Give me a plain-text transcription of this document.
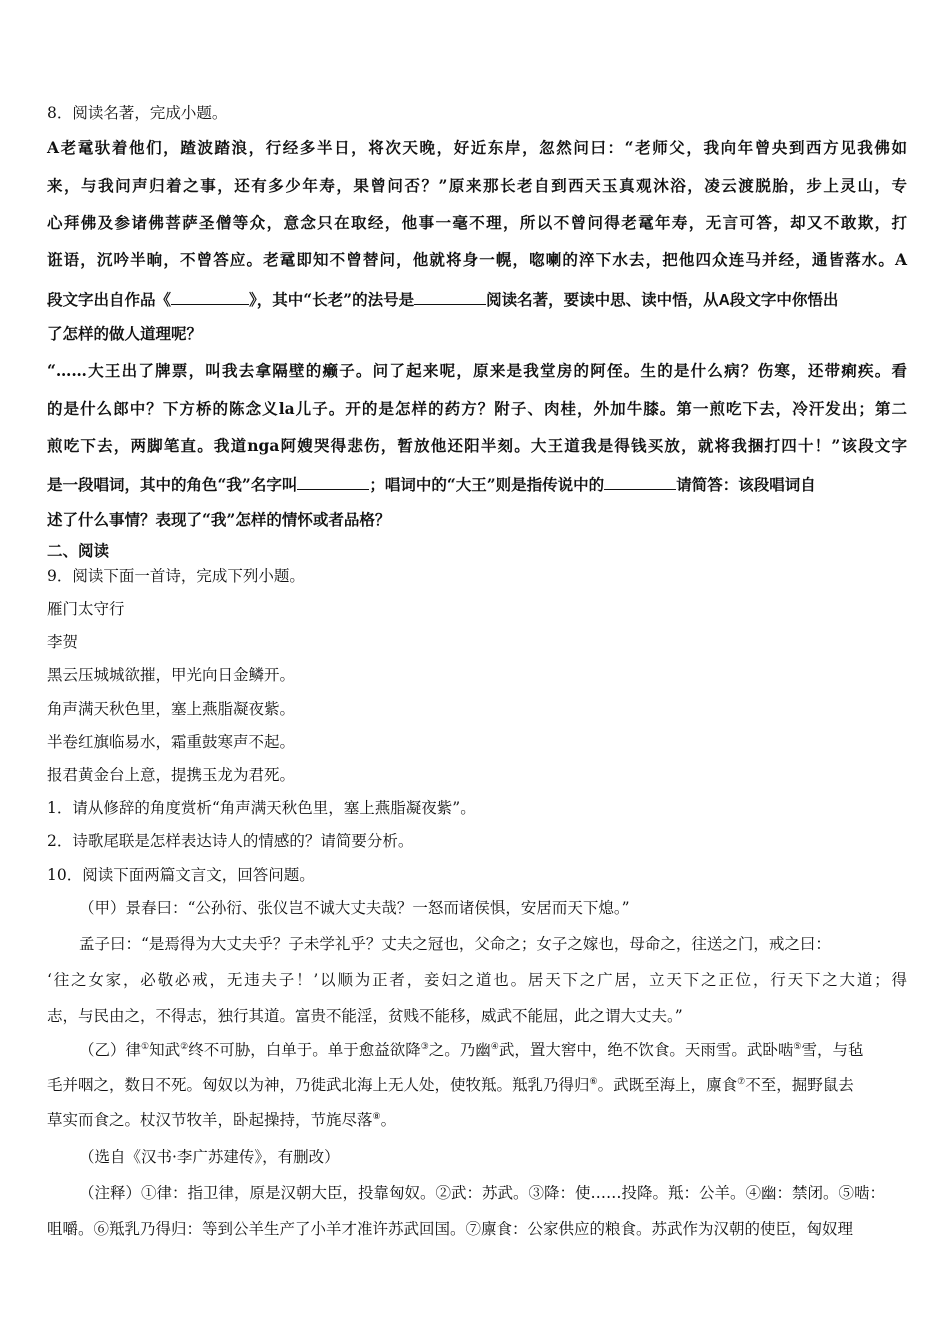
8．阅读名著，完成小题。
A老鼋驮着他们，蹅波踏浪，行经多半日，将次天晚，好近东岸，忽然问曰：“老师父，我向年曾央到西方见我佛如
来，与我问声归着之事，还有多少年寿，果曾问否？”原来那长老自到西天玉真观沐浴，凌云渡脱胎，步上灵山，专
心拜佛及参诸佛菩萨圣僧等众，意念只在取经，他事一毫不理，所以不曾问得老鼋年寿，无言可答，却又不敢欺，打
诳语，沉吟半晌，不曾答应。老鼋即知不曾替问，他就将身一幌，唿喇的淬下水去，把他四众连马并经，通皆落水。A
段文字出自作品《	》，其中“长老”的法号是	阅读名著，要读中思、读中悟，从A段文字中你悟出
了怎样的做人道理呢？
“……大王出了牌票，叫我去拿隔壁的癞子。问了起来呢，原来是我堂房的阿侄。生的是什么病？伤寒，还带痢疾。看
的是什么郎中？下方桥的陈念义la儿子。开的是怎样的药方？附子、肉桂，外加牛膝。第一煎吃下去，冷汗发出；第二
煎吃下去，两脚笔直。我道nga阿嫂哭得悲伤，暂放他还阳半刻。大王道我是得钱买放，就将我捆打四十！”该段文字
是一段唱词，其中的角色“我”名字叫	；唱词中的“大王”则是指传说中的	请简答：该段唱词自
述了什么事情？表现了“我”怎样的情怀或者品格？
二、阅读
9．阅读下面一首诗，完成下列小题。
雁门太守行
李贺
黑云压城城欲摧，甲光向日金鳞开。
角声满天秋色里，塞上燕脂凝夜紫。
半卷红旗临易水，霜重鼓寒声不起。
报君黄金台上意，提携玉龙为君死。
1．请从修辞的角度赏析“角声满天秋色里，塞上燕脂凝夜紫”。
2．诗歌尾联是怎样表达诗人的情感的？请简要分析。
10．阅读下面两篇文言文，回答问题。
（甲）景春曰：“公孙衍、张仪岂不诚大丈夫哉？一怒而诸侯惧，安居而天下熄。”
孟子曰：“是焉得为大丈夫乎？子未学礼乎？丈夫之冠也，父命之；女子之嫁也，母命之，往送之门，戒之曰：
‘往之女家，必敬必戒，无违夫子！’以顺为正者，妾妇之道也。居天下之广居，立天下之正位，行天下之大道；得
志，与民由之，不得志，独行其道。富贵不能淫，贫贱不能移，威武不能屈，此之谓大丈夫。”
（乙）律①知武②终不可胁，白单于。单于愈益欲降③之。乃幽④武，置大窖中，绝不饮食。天雨雪。武卧啮⑤雪，与毡
毛并咽之，数日不死。匈奴以为神，乃徙武北海上无人处，使牧羝。羝乳乃得归⑥。武既至海上，廪食⑦不至，掘野鼠去
草实而食之。杖汉节牧羊，卧起操持，节旄尽落⑧。
（选自《汉书·李广苏建传》，有删改）
（注释）①律：指卫律，原是汉朝大臣，投靠匈奴。②武：苏武。③降：使……投降。羝：公羊。④幽：禁闭。⑤啮：
咀嚼。⑥羝乳乃得归：等到公羊生产了小羊才准许苏武回国。⑦廪食：公家供应的粮食。苏武作为汉朝的使臣，匈奴理
